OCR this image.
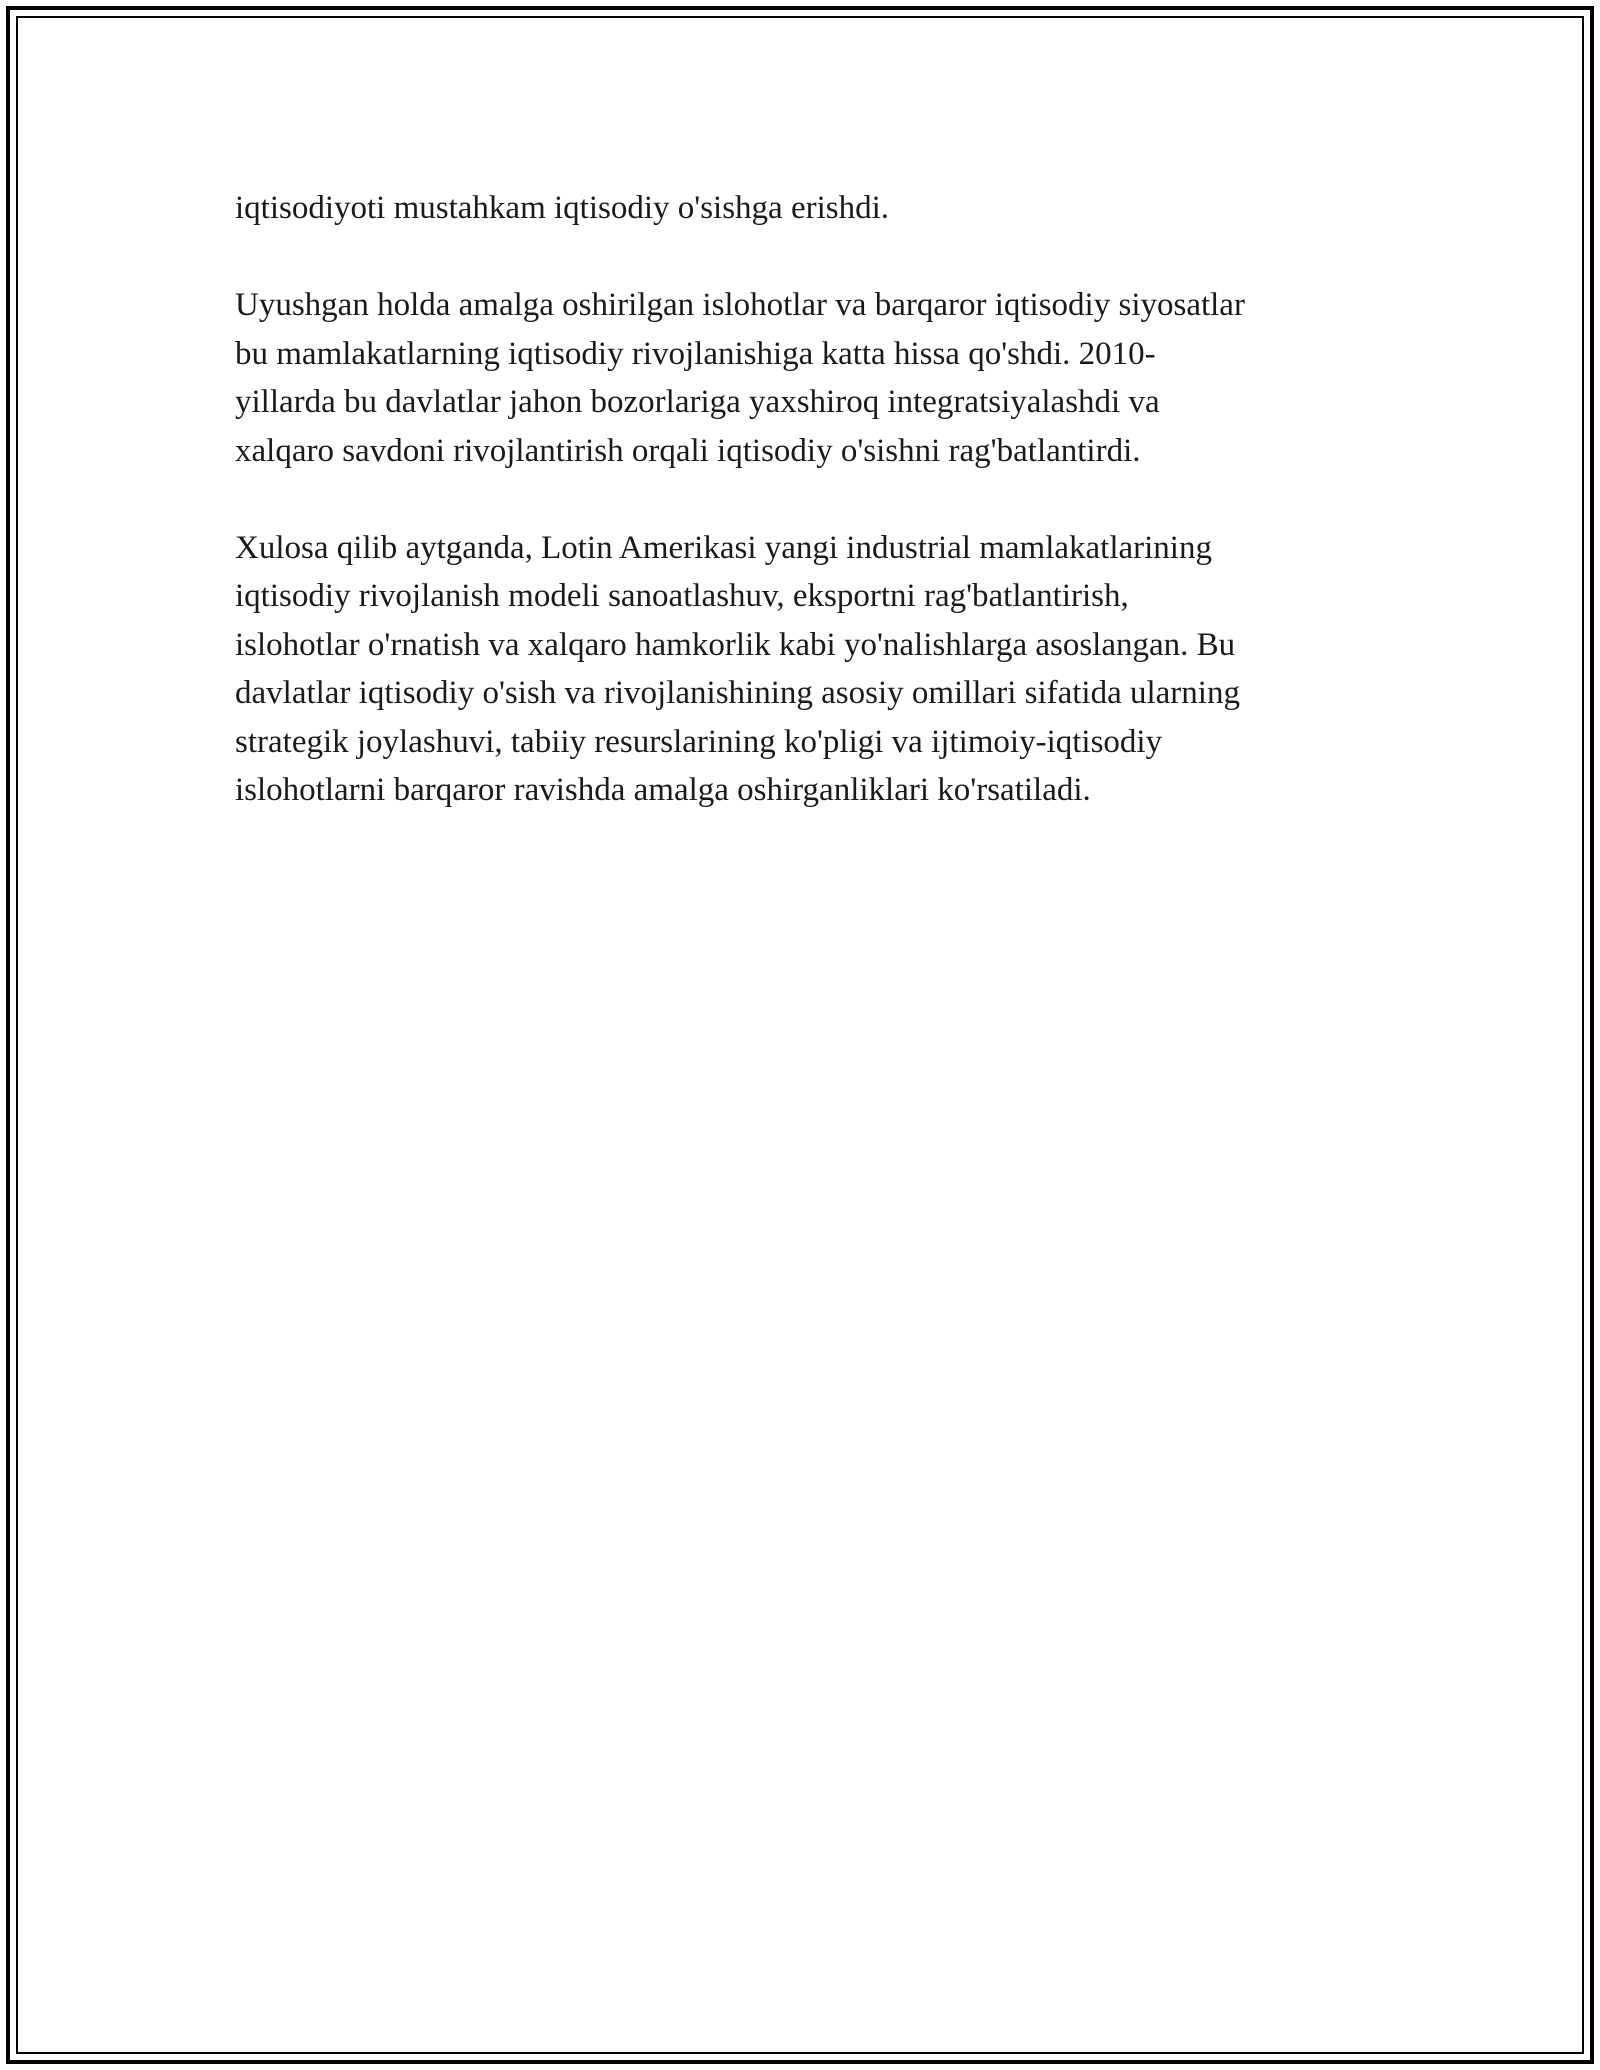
iqtisodiyoti mustahkam iqtisodiy o'sishga erishdi.

Uyushgan holda amalga oshirilgan islohotlar va barqaror iqtisodiy siyosatlar
bu mamlakatlarning iqtisodiy rivojlanishiga katta hissa qo'shdi. 2010-
yillarda bu davlatlar jahon bozorlariga yaxshiroq integratsiyalashdi va
xalqaro savdoni rivojlantirish orqali iqtisodiy o'sishni rag'batlantirdi.

Xulosa qilib aytganda, Lotin Amerikasi yangi industrial mamlakatlarining
iqtisodiy rivojlanish modeli sanoatlashuv, eksportni rag'batlantirish,
islohotlar o'rnatish va xalqaro hamkorlik kabi yo'nalishlarga asoslangan. Bu
davlatlar iqtisodiy o'sish va rivojlanishining asosiy omillari sifatida ularning
strategik joylashuvi, tabiiy resurslarining ko'pligi va ijtimoiy-iqtisodiy
islohotlarni barqaror ravishda amalga oshirganliklari ko'rsatiladi.
